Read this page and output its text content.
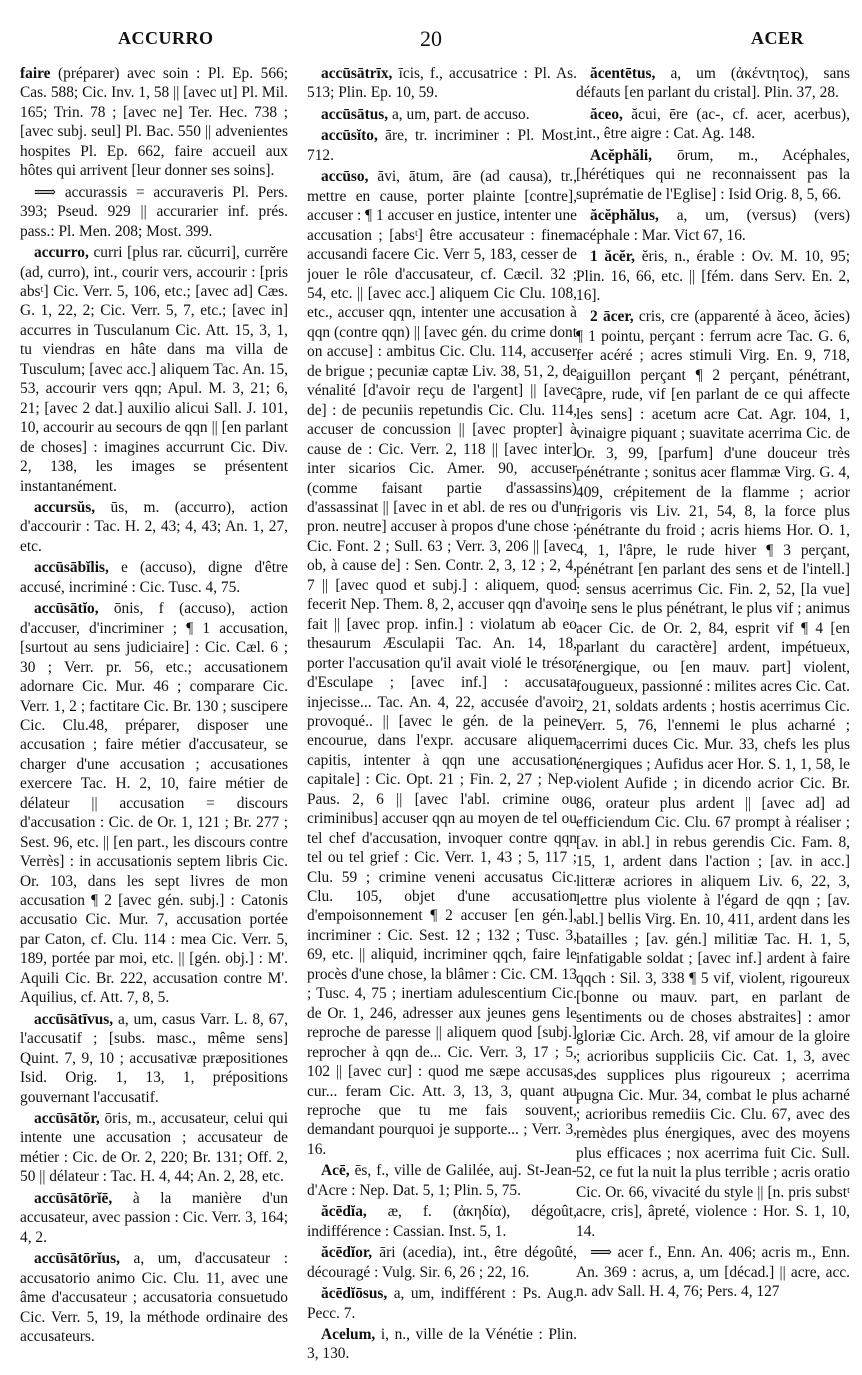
ACCURRO	20	ACER
faire (préparer) avec soin : Pl. Ep. 566; Cas. 588; Cic. Inv. 1, 58 || [avec ut] Pl. Mil. 165; Trin. 78 ; [avec ne] Ter. Hec. 738 ; [avec subj. seul] Pl. Bac. 550 || advenientes hospites Pl. Ep. 662, faire accueil aux hôtes qui arrivent [leur donner ses soins].
⟹ accurassis = accuraveris Pl. Pers. 393; Pseud. 929 || accurarier inf. prés. pass.: Pl. Men. 208; Most. 399.
accurro, curri [plus rar. cŭcurri], currĕre (ad, curro), int., courir vers, accourir : [pris absᵗ] Cic. Verr. 5, 106, etc.; [avec ad] Cæs. G. 1, 22, 2; Cic. Verr. 5, 7, etc.; [avec in] accurres in Tusculanum Cic. Att. 15, 3, 1, tu viendras en hâte dans ma villa de Tusculum; [avec acc.] aliquem Tac. An. 15, 53, accourir vers qqn; Apul. M. 3, 21; 6, 21; [avec 2 dat.] auxilio alicui Sall. J. 101, 10, accourir au secours de qqn || [en parlant de choses] : imagines accurrunt Cic. Div. 2, 138, les images se présentent instantanément.
accursŭs, ūs, m. (accurro), action d'accourir : Tac. H. 2, 43; 4, 43; An. 1, 27, etc.
accūsābĭlis, e (accuso), digne d'être accusé, incriminé : Cic. Tusc. 4, 75.
accūsātĭo, ōnis, f (accuso), action d'accuser, d'incriminer ; ¶ 1 accusation, [surtout au sens judiciaire] : Cic. Cæl. 6 ; 30 ; Verr. pr. 56, etc.; accusationem adornare Cic. Mur. 46 ; comparare Cic. Verr. 1, 2 ; factitare Cic. Br. 130 ; suscipere Cic. Clu.48, préparer, disposer une accusation ; faire métier d'accusateur, se charger d'une accusation ; accusationes exercere Tac. H. 2, 10, faire métier de délateur || accusation = discours d'accusation : Cic. de Or. 1, 121 ; Br. 277 ; Sest. 96, etc. || [en part., les discours contre Verrès] : in accusationis septem libris Cic. Or. 103, dans les sept livres de mon accusation ¶ 2 [avec gén. subj.] : Catonis accusatio Cic. Mur. 7, accusation portée par Caton, cf. Clu. 114 : mea Cic. Verr. 5, 189, portée par moi, etc. || [gén. obj.] : M'. Aquili Cic. Br. 222, accusation contre M'. Aquilius, cf. Att. 7, 8, 5.
accūsātīvus, a, um, casus Varr. L. 8, 67, l'accusatif ; [subs. masc., même sens] Quint. 7, 9, 10 ; accusativæ præpositiones Isid. Orig. 1, 13, 1, prépositions gouvernant l'accusatif.
accūsātŏr, ōris, m., accusateur, celui qui intente une accusation ; accusateur de métier : Cic. de Or. 2, 220; Br. 131; Off. 2, 50 || délateur : Tac. H. 4, 44; An. 2, 28, etc.
accūsātōrĭē, à la manière d'un accusateur, avec passion : Cic. Verr. 3, 164; 4, 2.
accūsātōrĭus, a, um, d'accusateur : accusatorio animo Cic. Clu. 11, avec une âme d'accusateur ; accusatoria consuetudo Cic. Verr. 5, 19, la méthode ordinaire des accusateurs.
accūsātrīx, īcis, f., accusatrice : Pl. As. 513; Plin. Ep. 10, 59.
accūsātus, a, um, part. de accuso.
accūsĭto, āre, tr. incriminer : Pl. Most. 712.
accūso, āvi, ātum, āre (ad causa), tr., mettre en cause, porter plainte [contre], accuser : ¶ 1 accuser en justice, intenter une accusation ; [absᵗ] être accusateur : finem accusandi facere Cic. Verr 5, 183, cesser de jouer le rôle d'accusateur, cf. Cæcil. 32 ; 54, etc. || [avec acc.] aliquem Cic Clu. 108, etc., accuser qqn, intenter une accusation à qqn (contre qqn) || [avec gén. du crime dont on accuse] : ambitus Cic. Clu. 114, accuser de brigue ; pecuniæ captæ Liv. 38, 51, 2, de vénalité [d'avoir reçu de l'argent] || [avec de] : de pecuniis repetundis Cic. Clu. 114, accuser de concussion || [avec propter] à cause de : Cic. Verr. 2, 118 || [avec inter] inter sicarios Cic. Amer. 90, accuser (comme faisant partie d'assassins) d'assassinat || [avec in et abl. de res ou d'un pron. neutre] accuser à propos d'une chose : Cic. Font. 2 ; Sull. 63 ; Verr. 3, 206 || [avec ob, à cause de] : Sen. Contr. 2, 3, 12 ; 2, 4, 7 || [avec quod et subj.] : aliquem, quod fecerit Nep. Them. 8, 2, accuser qqn d'avoir fait || [avec prop. infin.] : violatum ab eo thesaurum Æsculapii Tac. An. 14, 18, porter l'accusation qu'il avait violé le trésor d'Esculape ; [avec inf.] : accusata injecisse... Tac. An. 4, 22, accusée d'avoir provoqué.. || [avec le gén. de la peine encourue, dans l'expr. accusare aliquem capitis, intenter à qqn une accusation capitale] : Cic. Opt. 21 ; Fin. 2, 27 ; Nep. Paus. 2, 6 || [avec l'abl. crimine ou criminibus] accuser qqn au moyen de tel ou tel chef d'accusation, invoquer contre qqn tel ou tel grief : Cic. Verr. 1, 43 ; 5, 117 ; Clu. 59 ; crimine veneni accusatus Cic. Clu. 105, objet d'une accusation d'empoisonnement ¶ 2 accuser [en gén.], incriminer : Cic. Sest. 12 ; 132 ; Tusc. 3, 69, etc. || aliquid, incriminer qqch, faire le procès d'une chose, la blâmer : Cic. CM. 13 ; Tusc. 4, 75 ; inertiam adulescentium Cic. de Or. 1, 246, adresser aux jeunes gens le reproche de paresse || aliquem quod [subj.] reprocher à qqn de... Cic. Verr. 3, 17 ; 5, 102 || [avec cur] : quod me sæpe accusas, cur... feram Cic. Att. 3, 13, 3, quant au reproche que tu me fais souvent, demandant pourquoi je supporte... ; Verr. 3, 16.
Acē, ēs, f., ville de Galilée, auj. St-Jean-d'Acre : Nep. Dat. 5, 1; Plin. 5, 75.
ăcēdĭa, æ, f. (ἀκηδία), dégoût, indifférence : Cassian. Inst. 5, 1.
ăcēdĭor, āri (acedia), int., être dégoûté, découragé : Vulg. Sir. 6, 26 ; 22, 16.
ăcēdĭōsus, a, um, indifférent : Ps. Aug. Pecc. 7.
Acelum, i, n., ville de la Vénétie : Plin. 3, 130.
ăcentētus, a, um (ἀκέντητος), sans défauts [en parlant du cristal]. Plin. 37, 28.
ăceo, ăcui, ēre (ac-, cf. acer, acerbus), int., être aigre : Cat. Ag. 148.
Acĕphăli, ōrum, m., Acéphales, [hérétiques qui ne reconnaissent pas la suprématie de l'Eglise] : Isid Orig. 8, 5, 66.
ăcĕphălus, a, um, (versus) (vers) acéphale : Mar. Vict 67, 16.
1 ăcĕr, ĕris, n., érable : Ov. M. 10, 95; Plin. 16, 66, etc. || [fém. dans Serv. En. 2, 16].
2 ācer, cris, cre (apparenté à ăceo, ăcies) ¶ 1 pointu, perçant : ferrum acre Tac. G. 6, fer acéré ; acres stimuli Virg. En. 9, 718, aiguillon perçant ¶ 2 perçant, pénétrant, âpre, rude, vif [en parlant de ce qui affecte les sens] : acetum acre Cat. Agr. 104, 1, vinaigre piquant ; suavitate acerrima Cic. de Or. 3, 99, [parfum] d'une douceur très pénétrante ; sonitus acer flammæ Virg. G. 4, 409, crépitement de la flamme ; acrior frigoris vis Liv. 21, 54, 8, la force plus pénétrante du froid ; acris hiems Hor. O. 1, 4, 1, l'âpre, le rude hiver ¶ 3 perçant, pénétrant [en parlant des sens et de l'intell.] : sensus acerrimus Cic. Fin. 2, 52, [la vue] le sens le plus pénétrant, le plus vif ; animus acer Cic. de Or. 2, 84, esprit vif ¶ 4 [en parlant du caractère] ardent, impétueux, énergique, ou [en mauv. part] violent, fougueux, passionné : milites acres Cic. Cat. 2, 21, soldats ardents ; hostis acerrimus Cic. Verr. 5, 76, l'ennemi le plus acharné ; acerrimi duces Cic. Mur. 33, chefs les plus énergiques ; Aufidus acer Hor. S. 1, 1, 58, le violent Aufide ; in dicendo acrior Cic. Br. 86, orateur plus ardent || [avec ad] ad efficiendum Cic. Clu. 67 prompt à réaliser ; [av. in abl.] in rebus gerendis Cic. Fam. 8, 15, 1, ardent dans l'action ; [av. in acc.] litteræ acriores in aliquem Liv. 6, 22, 3, lettre plus violente à l'égard de qqn ; [av. abl.] bellis Virg. En. 10, 411, ardent dans les batailles ; [av. gén.] militiæ Tac. H. 1, 5, infatigable soldat ; [avec inf.] ardent à faire qqch : Sil. 3, 338 ¶ 5 vif, violent, rigoureux [bonne ou mauv. part, en parlant de sentiments ou de choses abstraites] : amor gloriæ Cic. Arch. 28, vif amour de la gloire ; acrioribus suppliciis Cic. Cat. 1, 3, avec des supplices plus rigoureux ; acerrima pugna Cic. Mur. 34, combat le plus acharné ; acrioribus remediis Cic. Clu. 67, avec des remèdes plus énergiques, avec des moyens plus efficaces ; nox acerrima fuit Cic. Sull. 52, ce fut la nuit la plus terrible ; acris oratio Cic. Or. 66, vivacité du style || [n. pris substᵗ acre, cris], âpreté, violence : Hor. S. 1, 10, 14.
⟹ acer f., Enn. An. 406; acris m., Enn. An. 369 : acrus, a, um [décad.] || acre, acc. n. adv Sall. H. 4, 76; Pers. 4, 127
